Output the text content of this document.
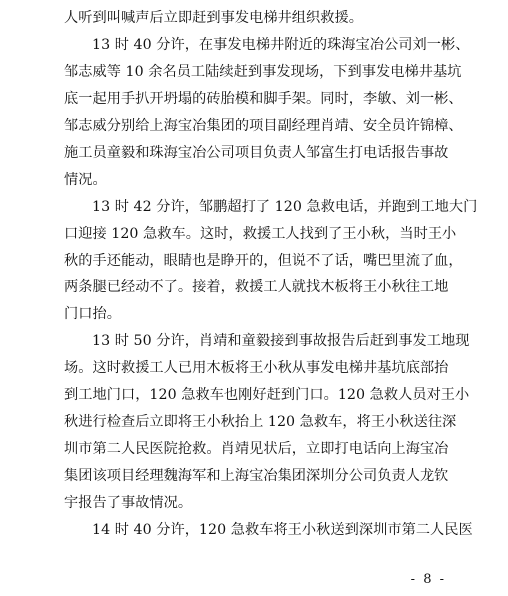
人听到叫喊声后立即赶到事发电梯井组织救援。
13 时 40 分许，在事发电梯井附近的珠海宝冶公司刘一彬、
邹志威等 10 余名员工陆续赶到事发现场，下到事发电梯井基坑
底一起用手扒开坍塌的砖胎模和脚手架。同时，李敏、刘一彬、
邹志威分别给上海宝冶集团的项目副经理肖靖、安全员许锦樟、
施工员童毅和珠海宝冶公司项目负责人邹富生打电话报告事故
情况。
13 时 42 分许，邹鹏超打了 120 急救电话，并跑到工地大门
口迎接 120 急救车。这时，救援工人找到了王小秋，当时王小
秋的手还能动，眼睛也是睁开的，但说不了话，嘴巴里流了血，
两条腿已经动不了。接着，救援工人就找木板将王小秋往工地
门口抬。
13 时 50 分许，肖靖和童毅接到事故报告后赶到事发工地现
场。这时救援工人已用木板将王小秋从事发电梯井基坑底部抬
到工地门口，120 急救车也刚好赶到门口。120 急救人员对王小
秋进行检查后立即将王小秋抬上 120 急救车，将王小秋送往深
圳市第二人民医院抢救。肖靖见状后，立即打电话向上海宝冶
集团该项目经理魏海军和上海宝冶集团深圳分公司负责人龙钦
宇报告了事故情况。
14 时 40 分许，120 急救车将王小秋送到深圳市第二人民医
- 8 -
